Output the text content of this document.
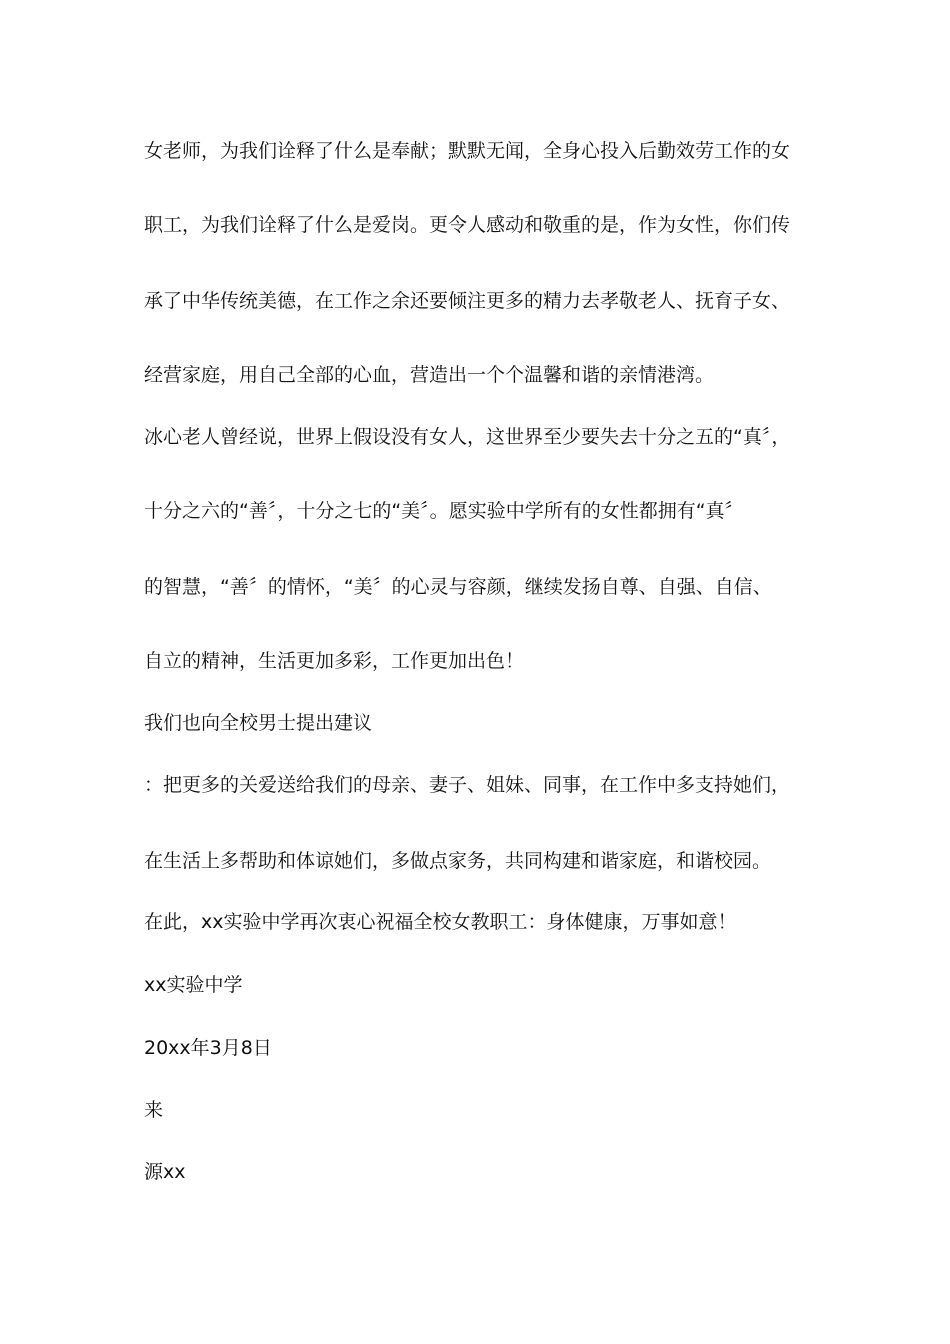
女老师，为我们诠释了什么是奉献；默默无闻，全身心投入后勤效劳工作的女
职工，为我们诠释了什么是爱岗。更令人感动和敬重的是，作为女性，你们传
承了中华传统美德，在工作之余还要倾注更多的精力去孝敬老人、抚育子女、
经营家庭，用自己全部的心血，营造出一个个温馨和谐的亲情港湾。
冰心老人曾经说，世界上假设没有女人，这世界至少要失去十分之五的“真〞，
十分之六的“善〞，十分之七的“美〞。愿实验中学所有的女性都拥有“真〞
的智慧，“善〞的情怀，“美〞的心灵与容颜，继续发扬自尊、自强、自信、
自立的精神，生活更加多彩，工作更加出色！
我们也向全校男士提出建议
：把更多的关爱送给我们的母亲、妻子、姐妹、同事，在工作中多支持她们，
在生活上多帮助和体谅她们，多做点家务，共同构建和谐家庭，和谐校园。
在此，xx实验中学再次衷心祝福全校女教职工：身体健康，万事如意！
xx实验中学
20xx年3月8日
来
源xx
